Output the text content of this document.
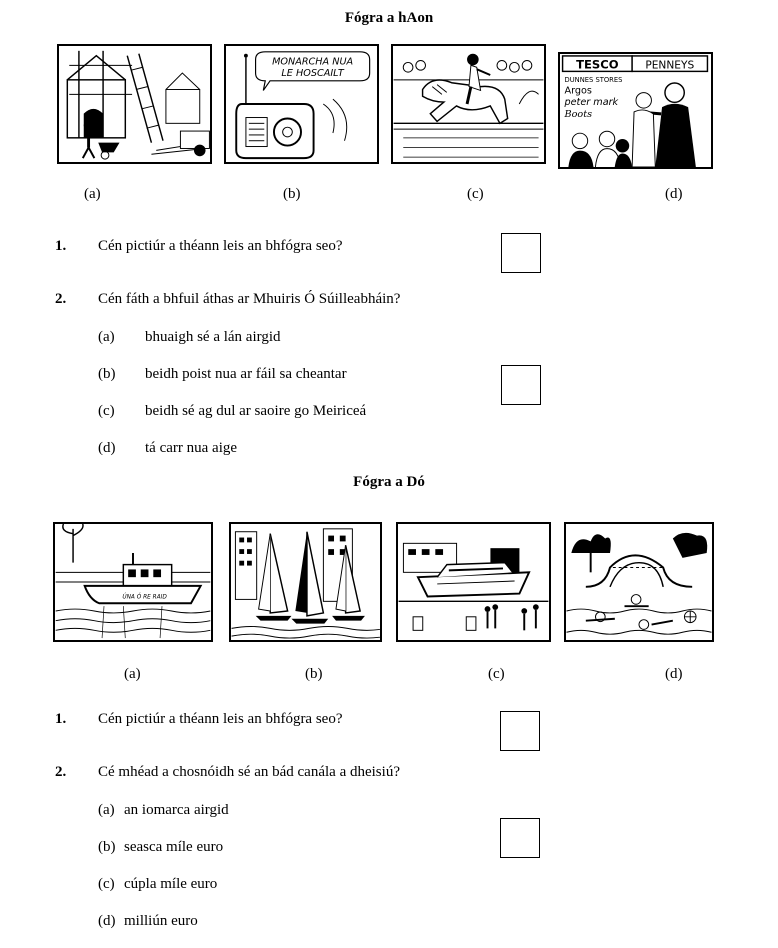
Fógra a hAon
MONARCHA NUA
LE HOSCAILT
TESCO PENNEYS
DUNNES STORES
Argos
peter mark
Boots
(a)	(b)	(c)	(d)
1. Cén pictiúr a théann leis an bhfógra seo?
2. Cén fáth a bhfuil áthas ar Mhuiris Ó Súilleabháin?
(a) bhuaigh sé a lán airgid
(b) beidh poist nua ar fáil sa cheantar
(c) beidh sé ag dul ar saoire go Meiriceá
(d) tá carr nua aige
Fógra a Dó
ÚNA Ó RE RAID
(a)	(b)	(c)	(d)
1. Cén pictiúr a théann leis an bhfógra seo?
2. Cé mhéad a chosnóidh sé an bád canála a dheisiú?
(a) an iomarca airgid
(b) seasca míle euro
(c) cúpla míle euro
(d) milliún euro
